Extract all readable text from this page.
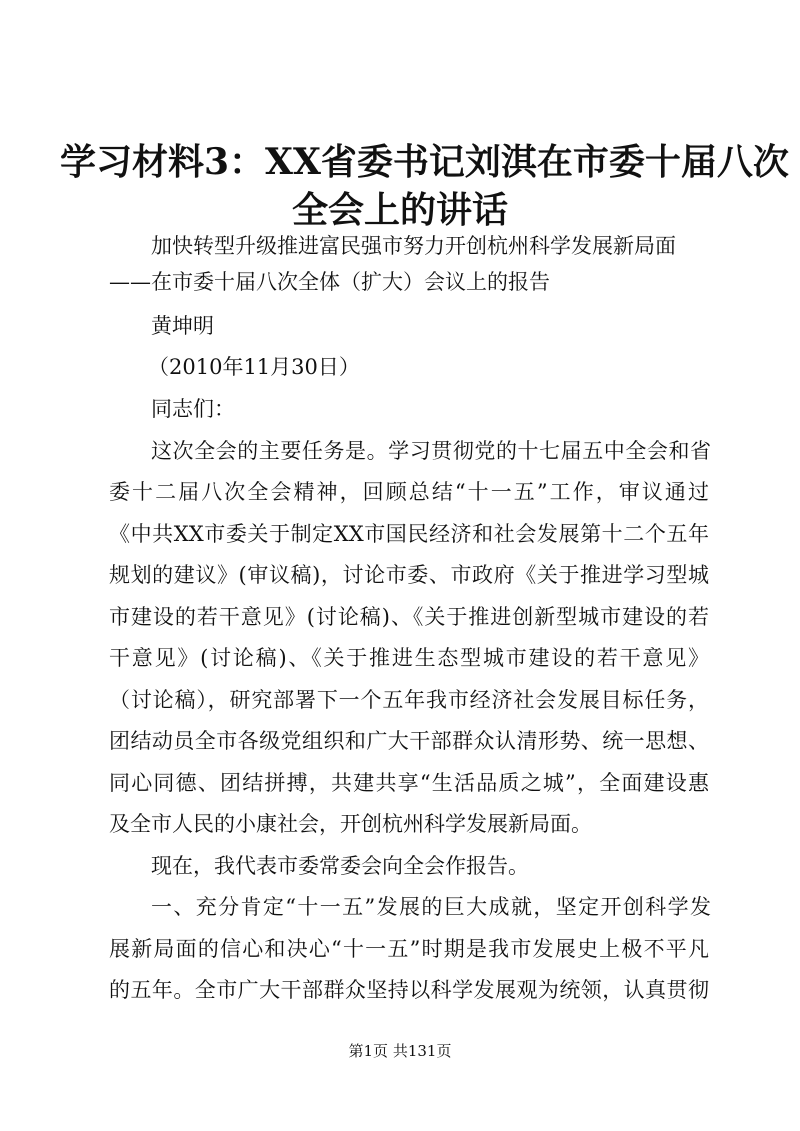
学习材料3：XX省委书记刘淇在市委十届八次
全会上的讲话
加快转型升级推进富民强市努力开创杭州科学发展新局面
——在市委十届八次全体（扩大）会议上的报告
黄坤明
（2010年11月30日）
同志们：
这次全会的主要任务是。学习贯彻党的十七届五中全会和省
委十二届八次全会精神，回顾总结“十一五”工作，审议通过
《中共XX市委关于制定XX市国民经济和社会发展第十二个五年
规划的建议》(审议稿)，讨论市委、市政府《关于推进学习型城
市建设的若干意见》(讨论稿)、《关于推进创新型城市建设的若
干意见》(讨论稿)、《关于推进生态型城市建设的若干意见》
（讨论稿），研究部署下一个五年我市经济社会发展目标任务，
团结动员全市各级党组织和广大干部群众认清形势、统一思想、
同心同德、团结拼搏，共建共享“生活品质之城”，全面建设惠
及全市人民的小康社会，开创杭州科学发展新局面。
现在，我代表市委常委会向全会作报告。
一、充分肯定“十一五”发展的巨大成就，坚定开创科学发
展新局面的信心和决心“十一五”时期是我市发展史上极不平凡
的五年。全市广大干部群众坚持以科学发展观为统领，认真贯彻
第1页 共131页
